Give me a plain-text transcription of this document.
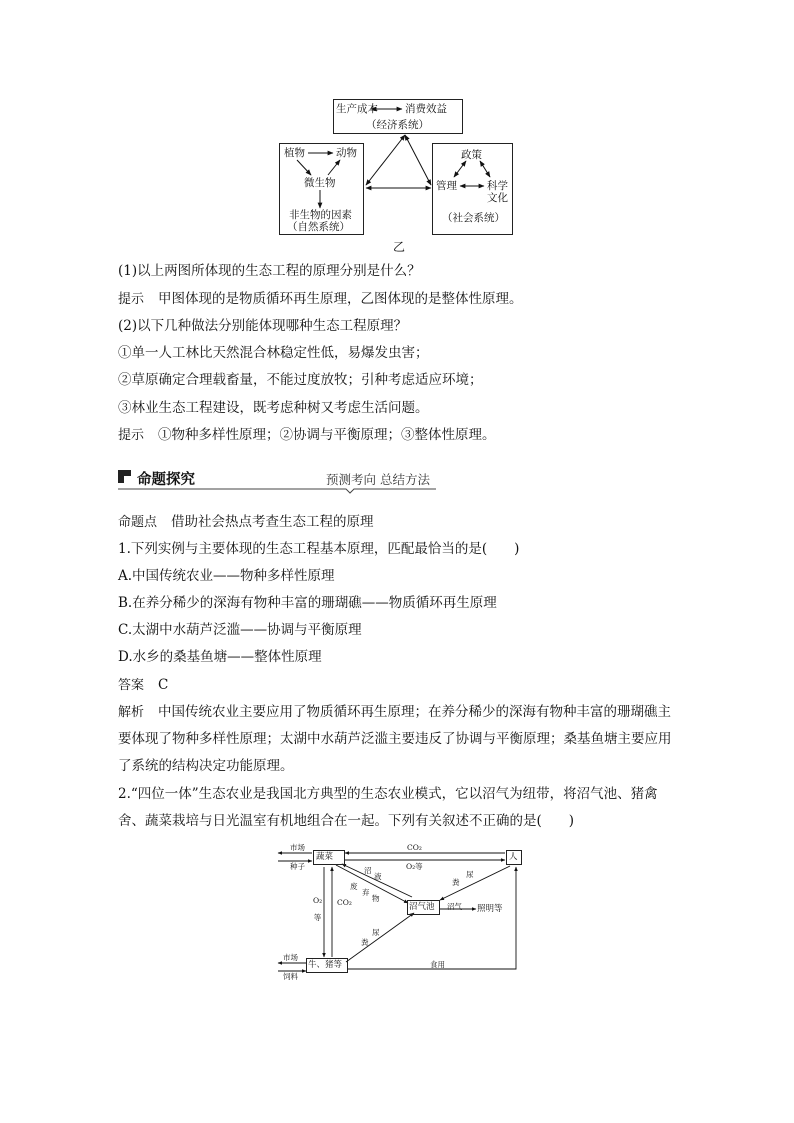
生产成本	消费效益
（经济系统）
植物	动物
微生物
非生物的因素
（自然系统）
政策
管理	科学
文化
（社会系统）
乙
(1)以上两图所体现的生态工程的原理分别是什么？
提示 甲图体现的是物质循环再生原理，乙图体现的是整体性原理。
(2)以下几种做法分别能体现哪种生态工程原理？
①单一人工林比天然混合林稳定性低，易爆发虫害；
②草原确定合理载畜量，不能过度放牧；引种考虑适应环境；
③林业生态工程建设，既考虑种树又考虑生活问题。
提示 ①物种多样性原理；②协调与平衡原理；③整体性原理。
命题探究	预测考向 总结方法
命题点 借助社会热点考查生态工程的原理
1.下列实例与主要体现的生态工程基本原理，匹配最恰当的是(　　)
A.中国传统农业——物种多样性原理
B.在养分稀少的深海有物种丰富的珊瑚礁——物质循环再生原理
C.太湖中水葫芦泛滥——协调与平衡原理
D.水乡的桑基鱼塘——整体性原理
答案 C
解析 中国传统农业主要应用了物质循环再生原理；在养分稀少的深海有物种丰富的珊瑚礁主要体现了物种多样性原理；太湖中水葫芦泛滥主要违反了协调与平衡原理；桑基鱼塘主要应用了系统的结构决定功能原理。
2.“四位一体”生态农业是我国北方典型的生态农业模式，它以沼气为纽带，将沼气池、猪禽舍、蔬菜栽培与日光温室有机地组合在一起。下列有关叙述不正确的是(　　)
蔬菜	人
沼气池
牛、猪等
市场
种子
CO₂
O₂等
沼
液
废
弃
物
O₂
等
CO₂
粪
尿
尿
粪
沼气 照明等
市场
饲料
食用
